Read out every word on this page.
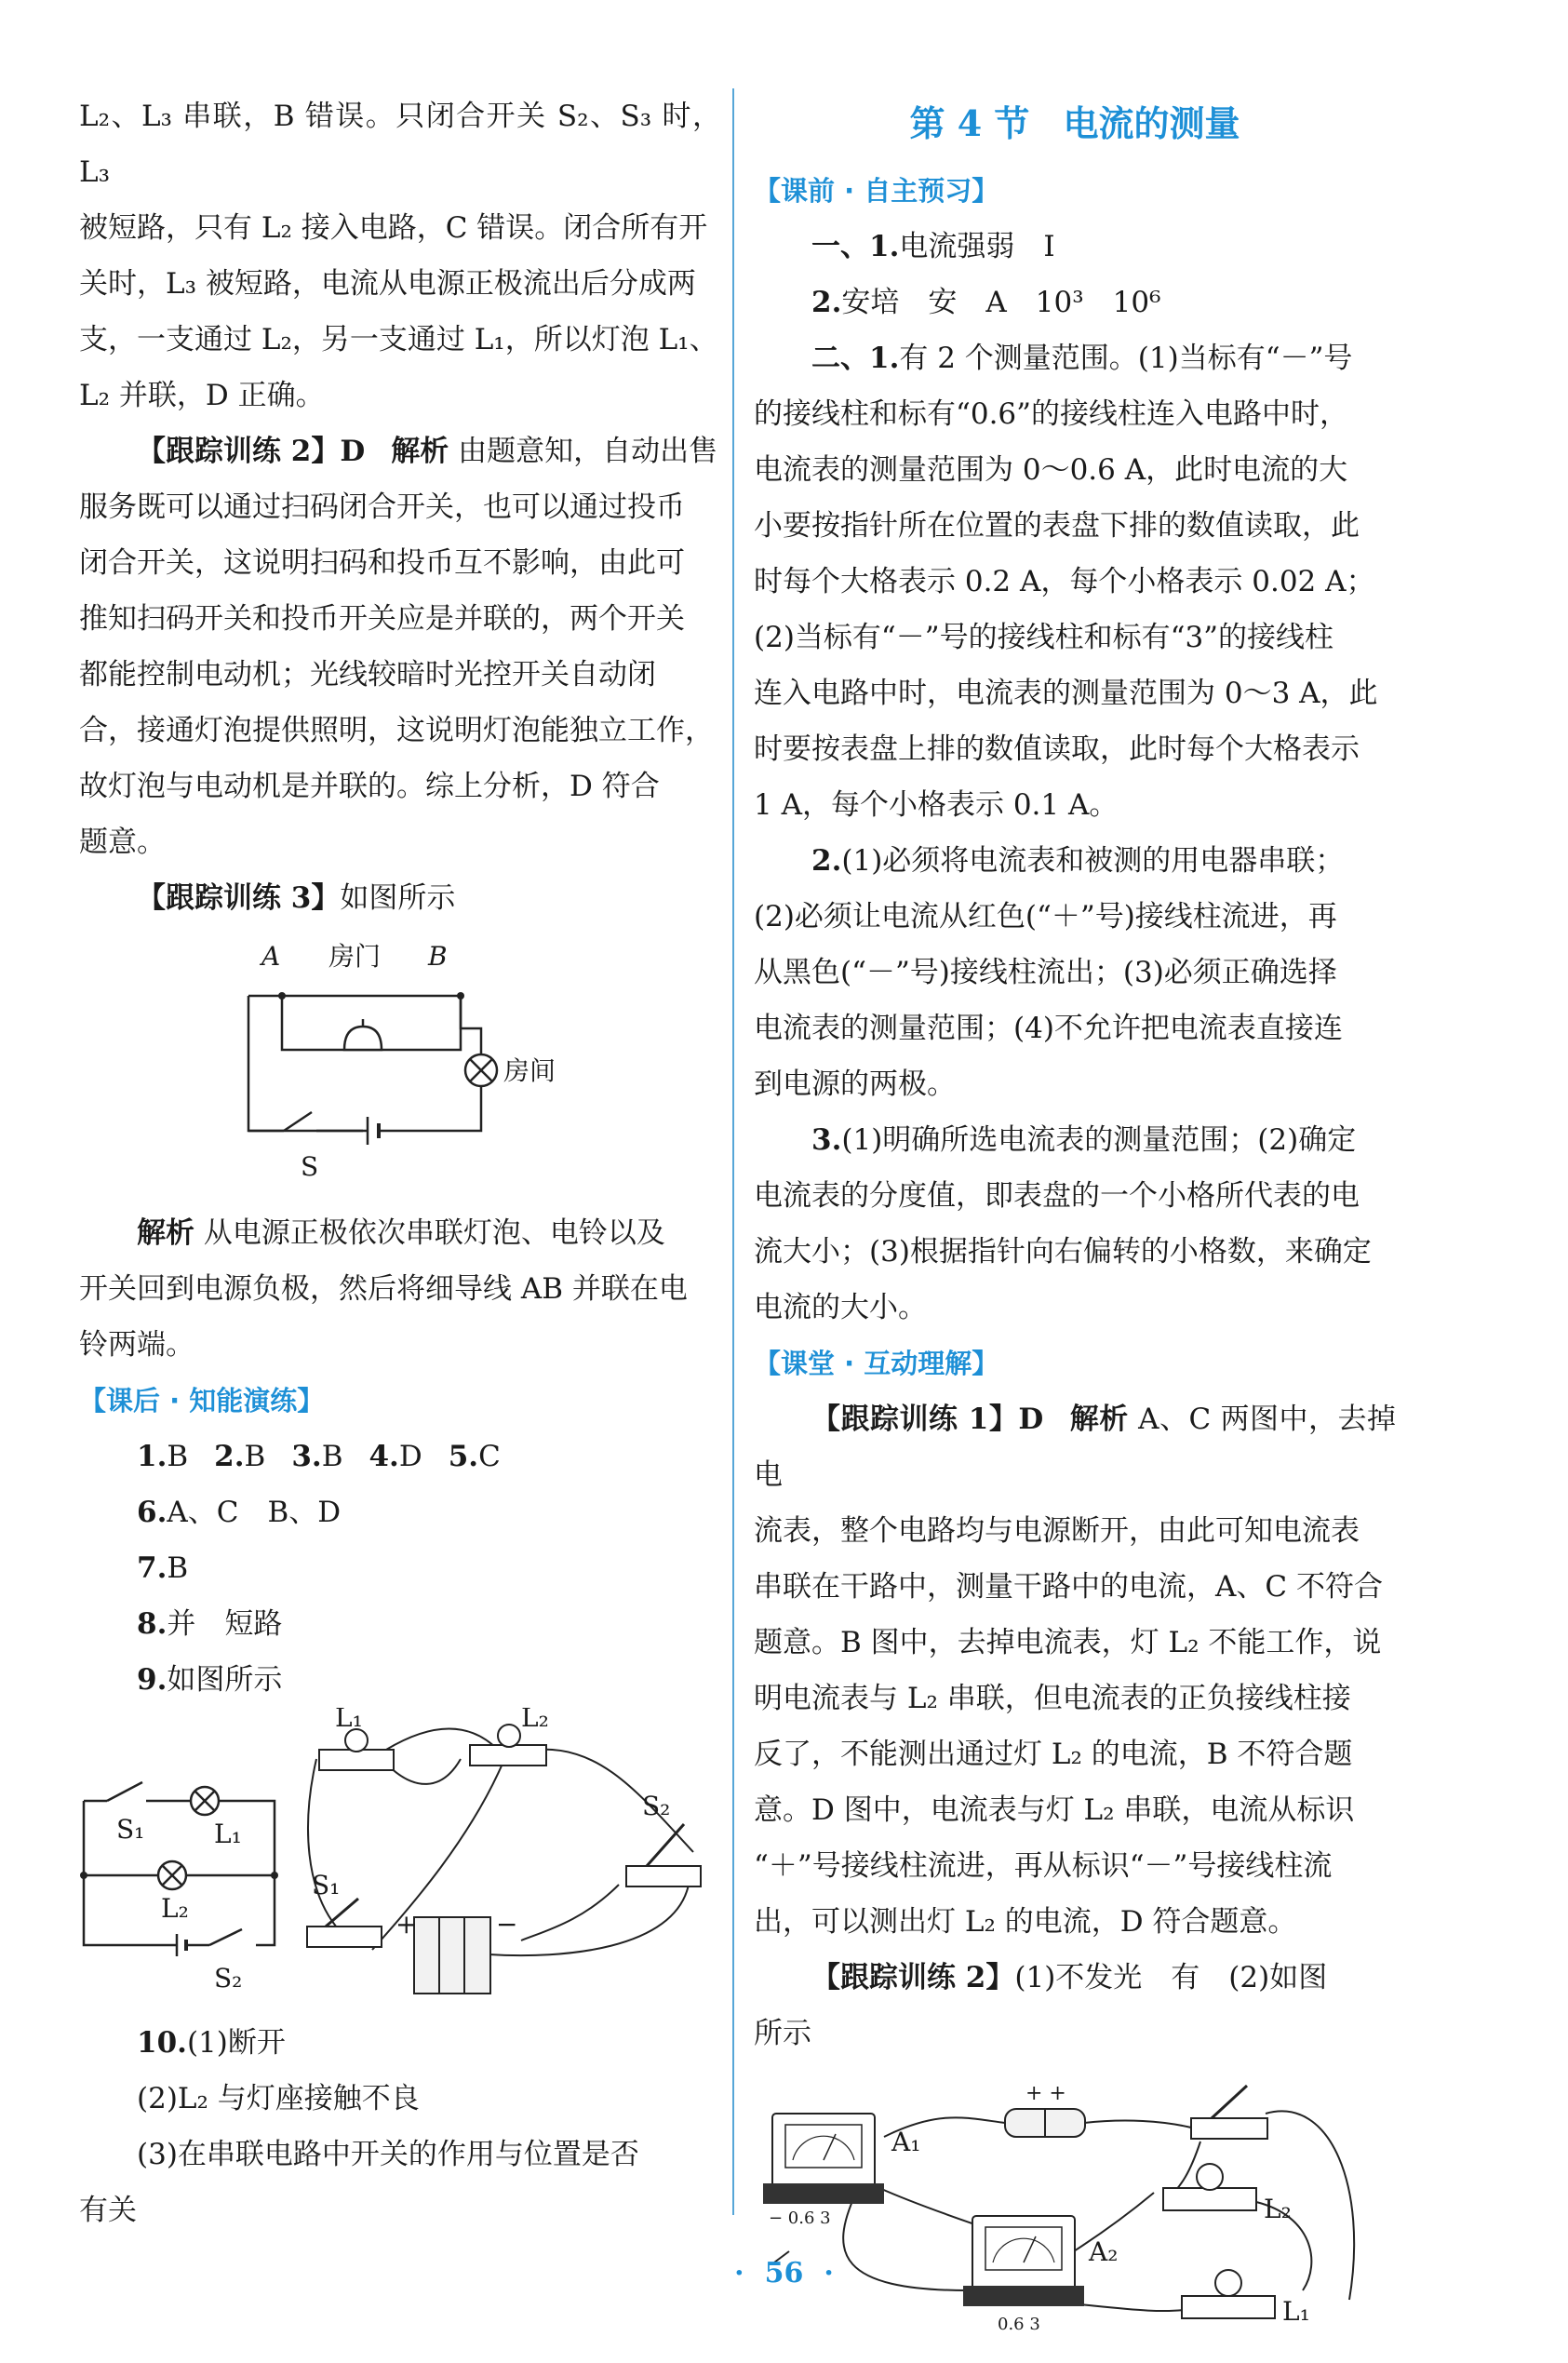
L₂、L₃ 串联，B 错误。只闭合开关 S₂、S₃ 时，L₃

被短路，只有 L₂ 接入电路，C 错误。闭合所有开

关时，L₃ 被短路，电流从电源正极流出后分成两

支，一支通过 L₂，另一支通过 L₁，所以灯泡 L₁、

L₂ 并联，D 正确。

【跟踪训练 2】D 解析 由题意知，自动出售

服务既可以通过扫码闭合开关，也可以通过投币

闭合开关，这说明扫码和投币互不影响，由此可

推知扫码开关和投币开关应是并联的，两个开关

都能控制电动机；光线较暗时光控开关自动闭

合，接通灯泡提供照明，这说明灯泡能独立工作，

故灯泡与电动机是并联的。综上分析，D 符合

题意。

【跟踪训练 3】如图所示

A 房门 B
房间
S

解析 从电源正极依次串联灯泡、电铃以及

开关回到电源负极，然后将细导线 AB 并联在电

铃两端。

【课后 · 知能演练】

1.B 2.B 3.B 4.D 5.C

6.A、C　B、D

7.B

8.并　短路

9.如图所示

S₁	L₁
L₂
S₂
L₁	L₂
S₁
S₂
+	−

10.(1)断开

(2)L₂ 与灯座接触不良

(3)在串联电路中开关的作用与位置是否

有关

第 4 节 电流的测量

【课前 · 自主预习】

一、1.电流强弱　I

2.安培　安　A　10³　10⁶

二、1.有 2 个测量范围。(1)当标有“－”号

的接线柱和标有“0.6”的接线柱连入电路中时，

电流表的测量范围为 0～0.6 A，此时电流的大

小要按指针所在位置的表盘下排的数值读取，此

时每个大格表示 0.2 A，每个小格表示 0.02 A；

(2)当标有“－”号的接线柱和标有“3”的接线柱

连入电路中时，电流表的测量范围为 0～3 A，此

时要按表盘上排的数值读取，此时每个大格表示

1 A，每个小格表示 0.1 A。

2.(1)必须将电流表和被测的用电器串联；

(2)必须让电流从红色(“＋”号)接线柱流进，再

从黑色(“－”号)接线柱流出；(3)必须正确选择

电流表的测量范围；(4)不允许把电流表直接连

到电源的两极。

3.(1)明确所选电流表的测量范围；(2)确定

电流表的分度值，即表盘的一个小格所代表的电

流大小；(3)根据指针向右偏转的小格数，来确定

电流的大小。

【课堂 · 互动理解】

【跟踪训练 1】D 解析 A、C 两图中，去掉电

流表，整个电路均与电源断开，由此可知电流表

串联在干路中，测量干路中的电流，A、C 不符合

题意。B 图中，去掉电流表，灯 L₂ 不能工作，说

明电流表与 L₂ 串联，但电流表的正负接线柱接

反了，不能测出通过灯 L₂ 的电流，B 不符合题

意。D 图中，电流表与灯 L₂ 串联，电流从标识

“＋”号接线柱流进，再从标识“－”号接线柱流

出，可以测出灯 L₂ 的电流，D 符合题意。

【跟踪训练 2】(1)不发光　有　(2)如图

所示

A₁
− 0.6 3
A₂
0.6 3
+ +
L₂
L₁
· 56 ·
